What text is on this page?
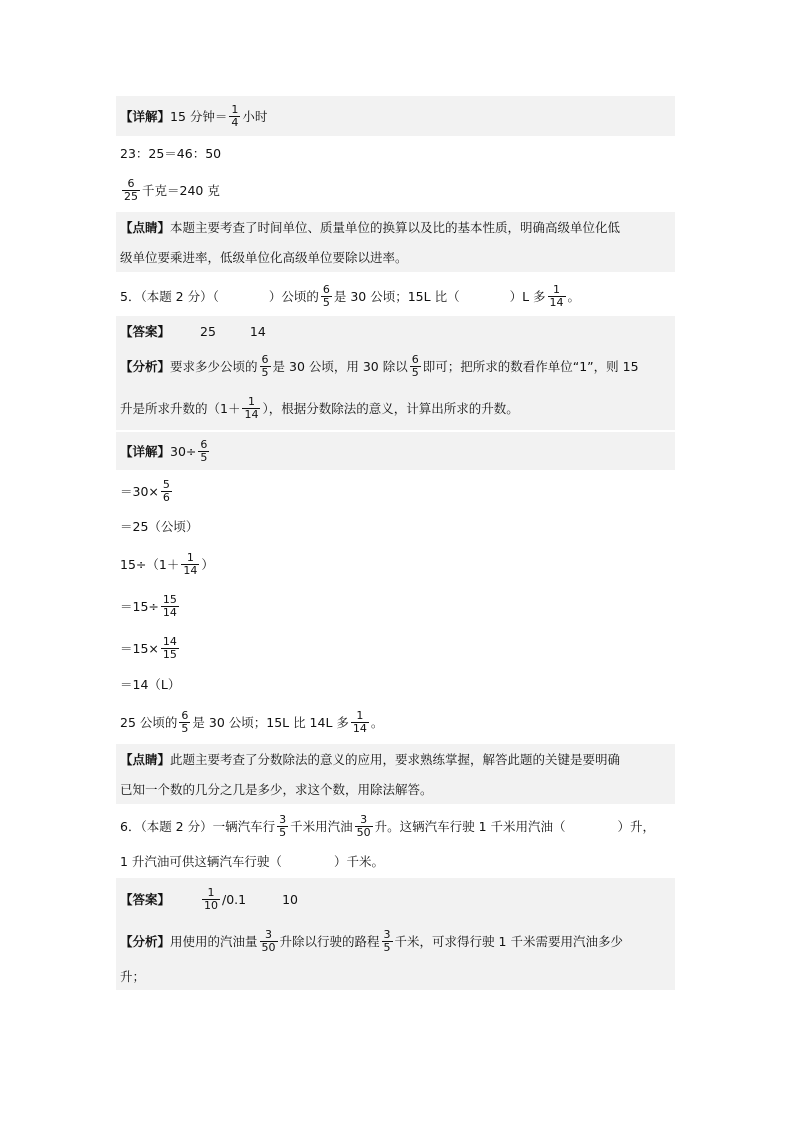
【详解】 15 分钟＝ $\frac{1}{4}$ 小时
23：25＝46：50
$\frac{6}{25}$ 千克＝240 克
【点睛】 本题主要考查了时间单位、质量单位的换算以及比的基本性质，明确高级单位化低
级单位要乘进率，低级单位化高级单位要除以进率。
5．（本题 2 分）（	）公顷的 $\frac{6}{5}$ 是 30 公顷；15L 比（	）L 多 $\frac{1}{14}$ 。
【答案】 25	14
【分析】 要求多少公顷的 $\frac{6}{5}$ 是 30 公顷，用 30 除以 $\frac{6}{5}$ 即可；把所求的数看作单位“1”，则 15
升是所求升数的（$1+ \frac{1}{14}$ ），根据分数除法的意义，计算出所求的升数。
【详解】 $30\div \frac{6}{5}$
$=30\times \frac{5}{6}$
＝25（公顷）
$15\div(1+ \frac{1}{14}$ ）
$=15\div \frac{15}{14}$
$=15\times \frac{14}{15}$
＝14（L）
25 公顷的 $\frac{6}{5}$ 是 30 公顷；15L 比 14L 多 $\frac{1}{14}$ 。
【点睛】 此题主要考查了分数除法的意义的应用，要求熟练掌握，解答此题的关键是要明确
已知一个数的几分之几是多少，求这个数，用除法解答。
6．（本题 2 分）一辆汽车行 $\frac{3}{5}$ 千米用汽油 $\frac{3}{50}$ 升。这辆汽车行驶 1 千米用汽油（	）升，
1 升汽油可供这辆汽车行驶（	）千米。
【答案】	$\frac{1}{10} /0.1$	10
【分析】 用使用的汽油量 $\frac{3}{50}$ 升除以行驶的路程 $\frac{3}{5}$ 千米，可求得行驶 1 千米需要用汽油多少
升；
